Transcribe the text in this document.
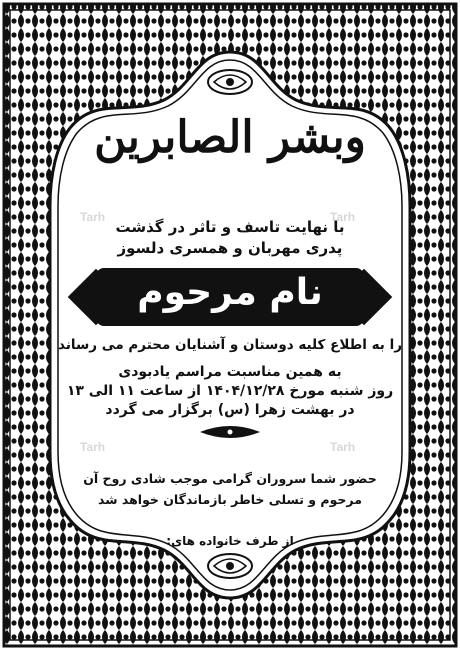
Tarh	Tarh
Tarh	Tarh
وبشر الصابرین
با نهایت تاسف و تاثر در گذشت
پدری مهربان و همسری دلسوز
نام مرحوم
را به اطلاع کلیه دوستان و آشنایان محترم می رساند
به همین مناسبت مراسم یادبودی
روز شنبه مورخ ۱۴۰۴/۱۲/۲۸ از ساعت ۱۱ الی ۱۳
در بهشت زهرا (س) برگزار می گردد
حضور شما سروران گرامی موجب شادی روح آن
مرحوم و تسلی خاطر بازماندگان خواهد شد
از طرف خانواده های:
